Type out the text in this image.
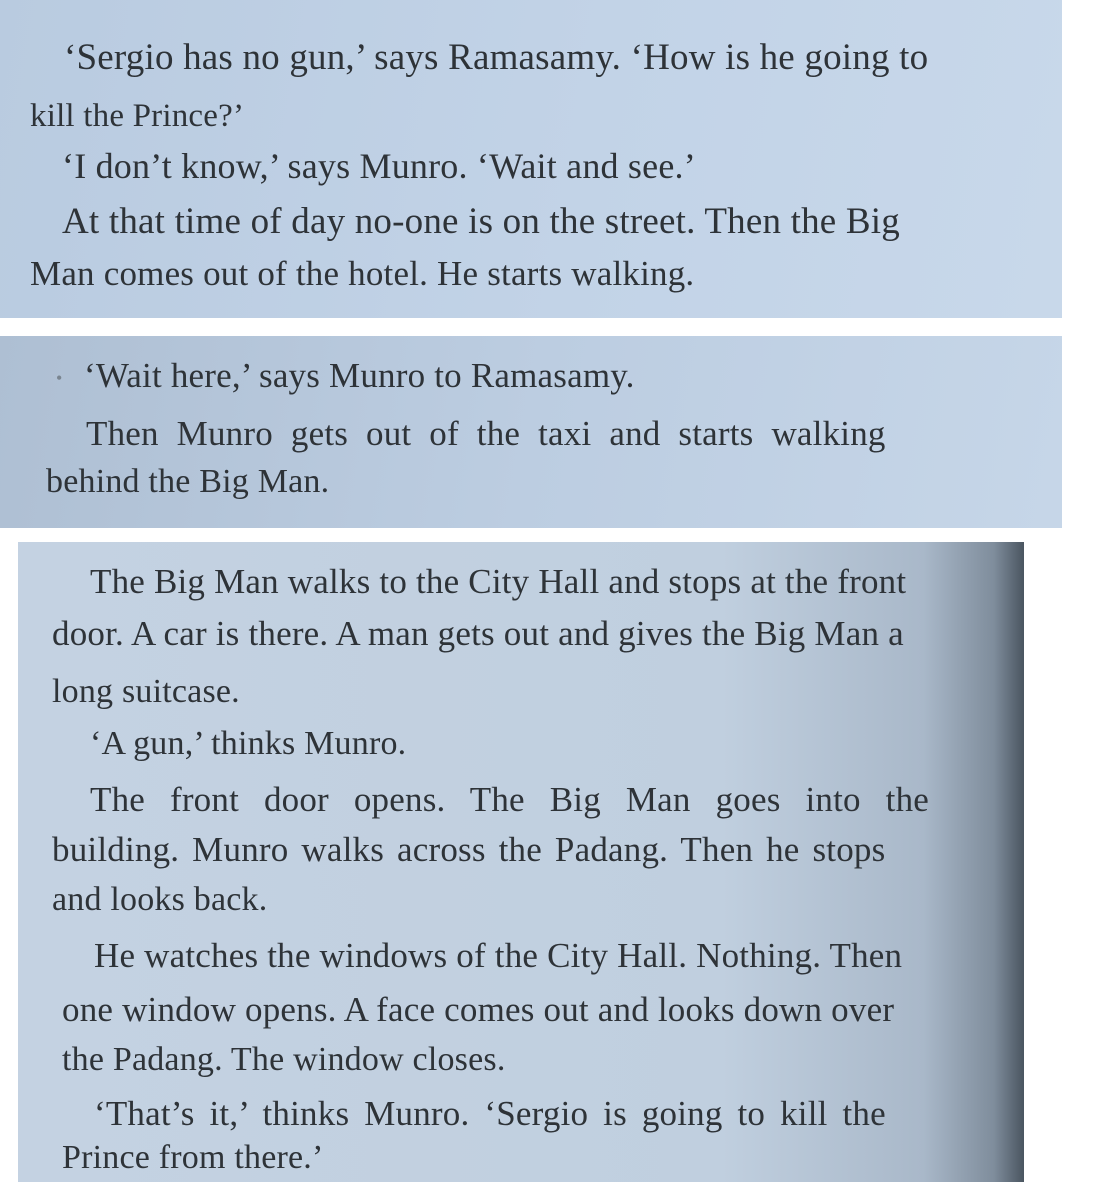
‘Sergio has no gun,’ says Ramasamy. ‘How is he going to
kill the Prince?’
‘I don’t know,’ says Munro. ‘Wait and see.’
At that time of day no-one is on the street. Then the Big
Man comes out of the hotel. He starts walking.
• ‘Wait here,’ says Munro to Ramasamy.
Then Munro gets out of the taxi and starts walking
behind the Big Man.
The Big Man walks to the City Hall and stops at the front
door. A car is there. A man gets out and gives the Big Man a
long suitcase.
‘A gun,’ thinks Munro.
The front door opens. The Big Man goes into the
building. Munro walks across the Padang. Then he stops
and looks back.
He watches the windows of the City Hall. Nothing. Then
one window opens. A face comes out and looks down over
the Padang. The window closes.
‘That’s it,’ thinks Munro. ‘Sergio is going to kill the
Prince from there.’
